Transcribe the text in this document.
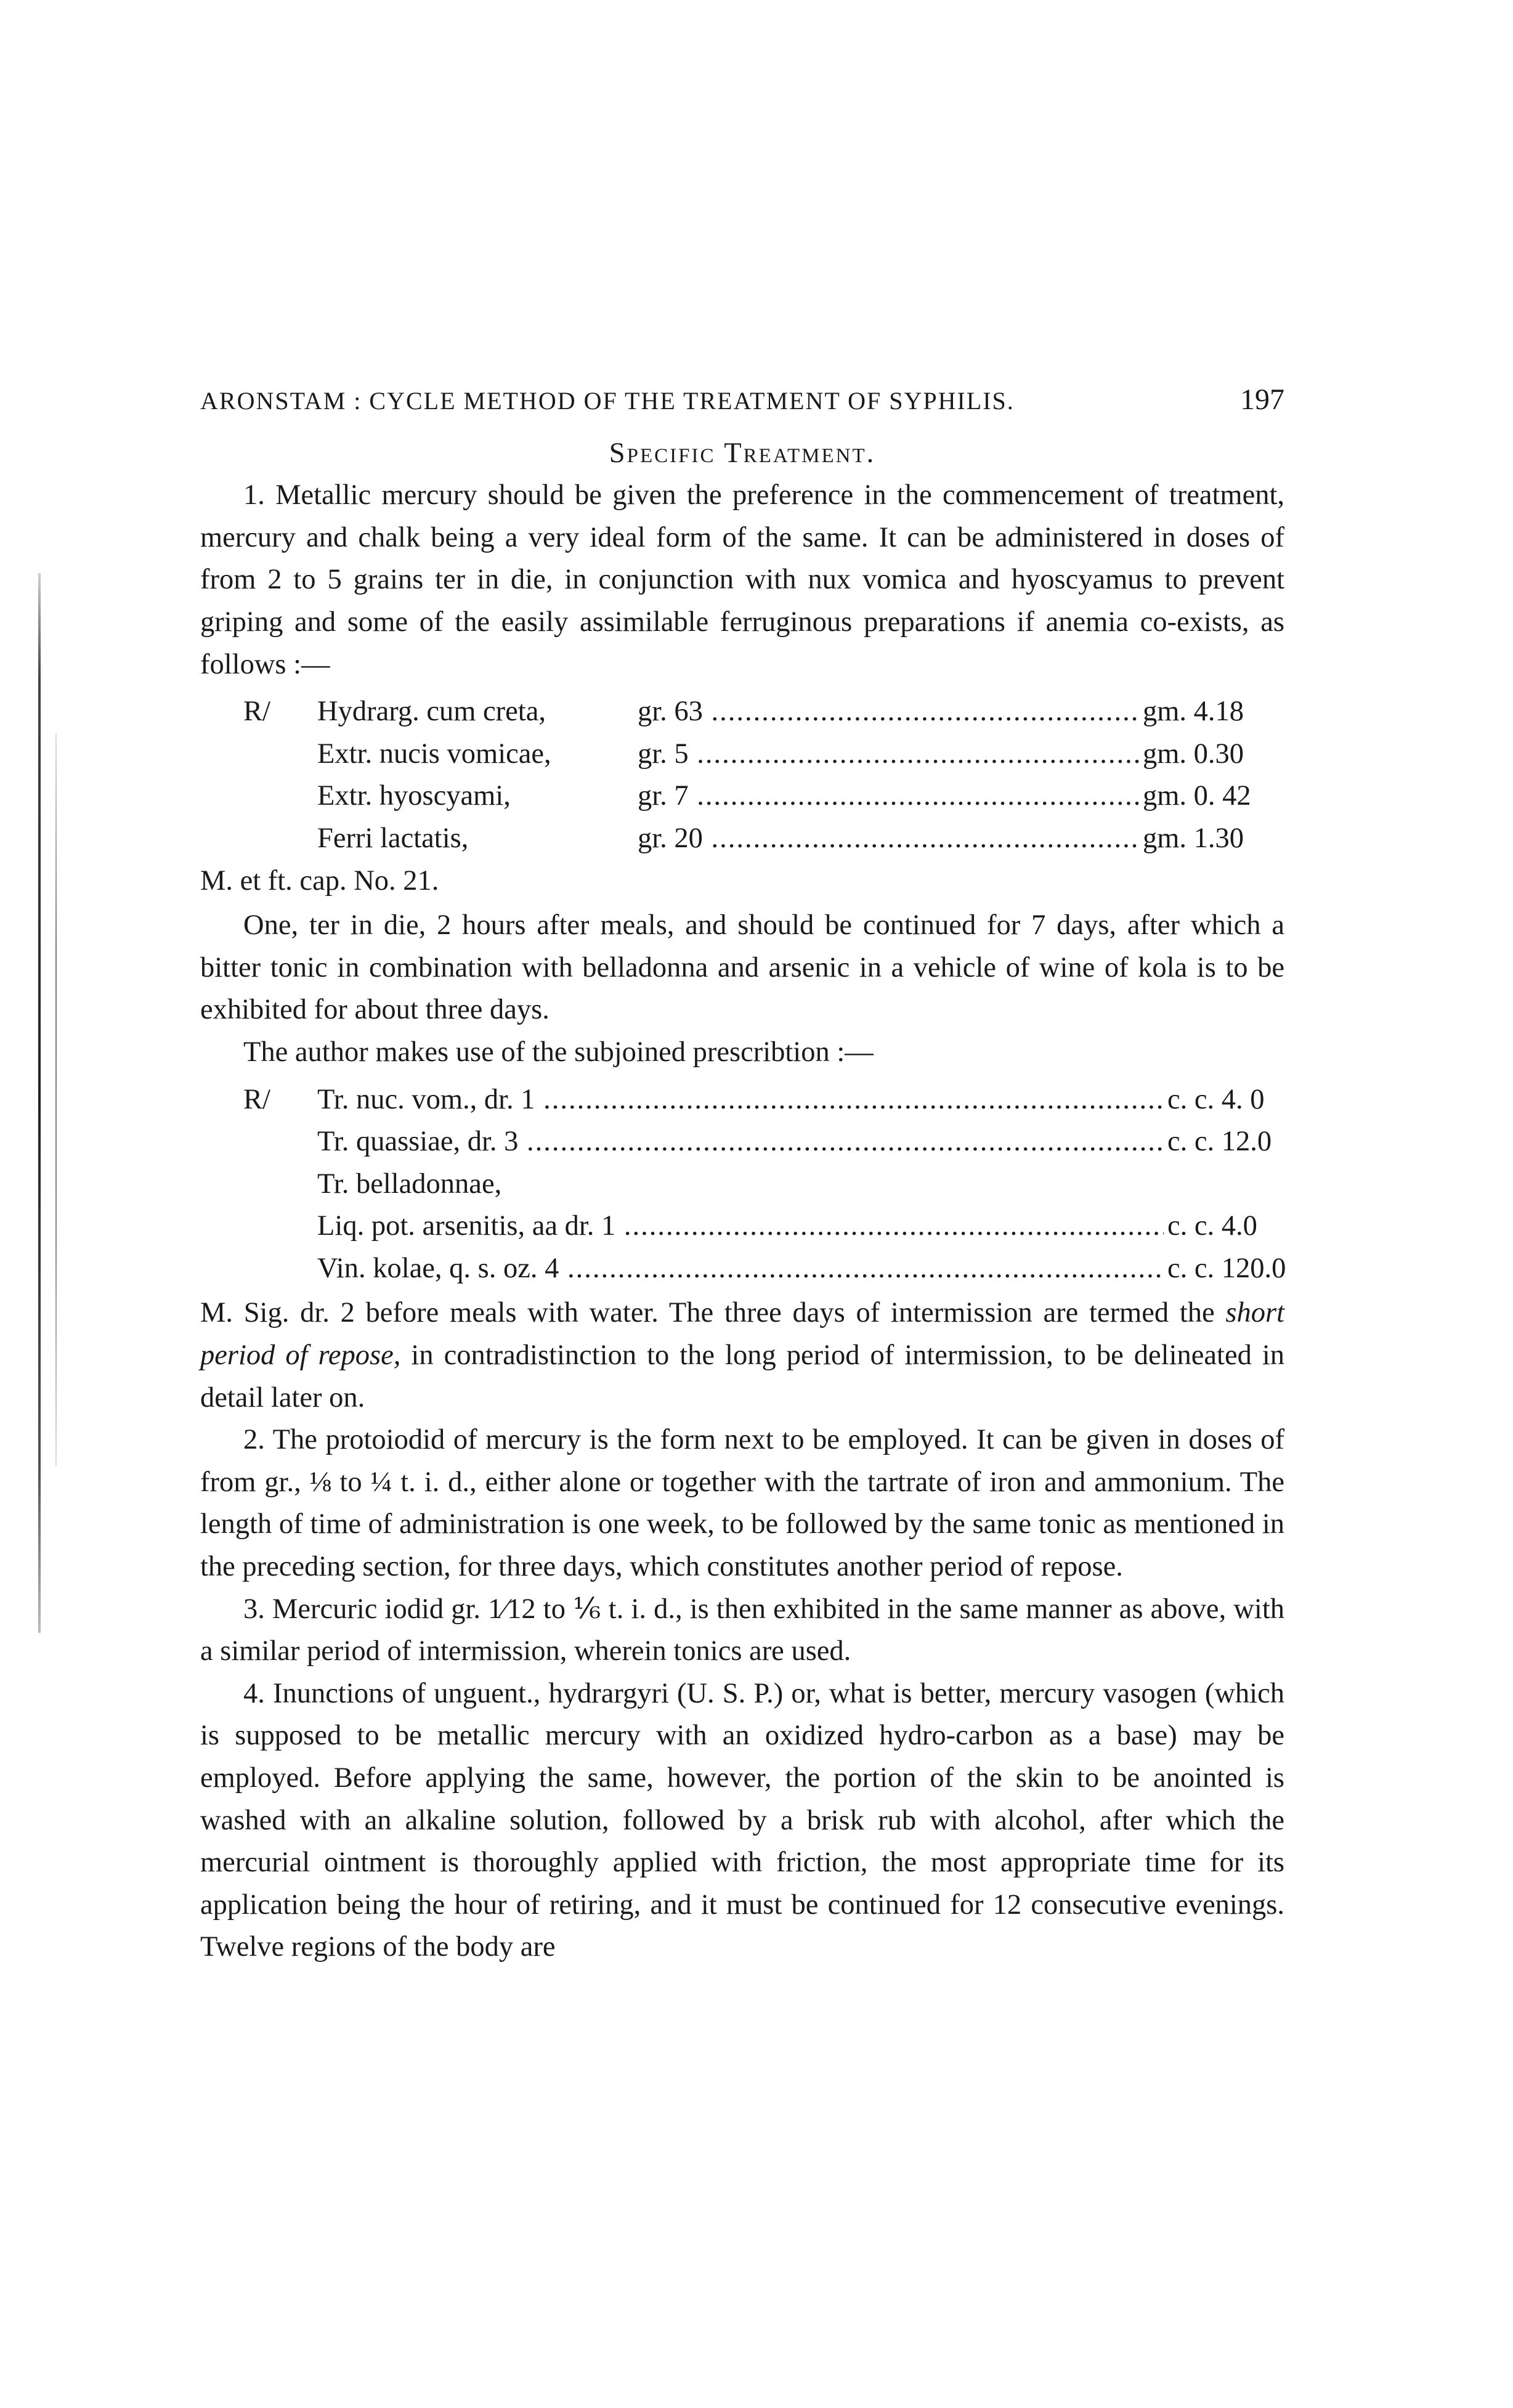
ARONSTAM : CYCLE METHOD OF THE TREATMENT OF SYPHILIS.	197
Specific Treatment.

1. Metallic mercury should be given the preference in the commencement of treatment, mercury and chalk being a very ideal form of the same. It can be administered in doses of from 2 to 5 grains ter in die, in conjunction with nux vomica and hyoscyamus to prevent griping and some of the easily assimilable ferruginous preparations if anemia co-exists, as follows :—

R/	Hydrarg. cum creta,	gr. 63 .....	gm. 4.18
Extr. nucis vomicae,	gr. 5 .....	gm. 0.30
Extr. hyoscyami,	gr. 7 .....	gm. 0. 42
Ferri lactatis,	gr. 20 .....	gm. 1.30
M. et ft. cap. No. 21.

One, ter in die, 2 hours after meals, and should be continued for 7 days, after which a bitter tonic in combination with belladonna and arsenic in a vehicle of wine of kola is to be exhibited for about three days.

The author makes use of the subjoined prescribtion :—

R/	Tr. nuc. vom., dr. 1 .....	c. c. 4. 0
Tr. quassiae, dr. 3 .....	c. c. 12.0
Tr. belladonnae,
Liq. pot. arsenitis, aa dr. 1 .....	c. c. 4.0
Vin. kolae, q. s. oz. 4 .....	c. c. 120.0

M. Sig. dr. 2 before meals with water. The three days of intermission are termed the short period of repose, in contradistinction to the long period of intermission, to be delineated in detail later on.

2. The protoiodid of mercury is the form next to be employed. It can be given in doses of from gr., ⅛ to ¼ t. i. d., either alone or together with the tartrate of iron and ammonium. The length of time of administration is one week, to be followed by the same tonic as mentioned in the preceding section, for three days, which constitutes another period of repose.

3. Mercuric iodid gr. 1⁄12 to ⅙ t. i. d., is then exhibited in the same manner as above, with a similar period of intermission, wherein tonics are used.

4. Inunctions of unguent., hydrargyri (U. S. P.) or, what is better, mercury vasogen (which is supposed to be metallic mercury with an oxidized hydro-carbon as a base) may be employed. Before applying the same, however, the portion of the skin to be anointed is washed with an alkaline solution, followed by a brisk rub with alcohol, after which the mercurial ointment is thoroughly applied with friction, the most appropriate time for its application being the hour of retiring, and it must be continued for 12 consecutive evenings. Twelve regions of the body are
